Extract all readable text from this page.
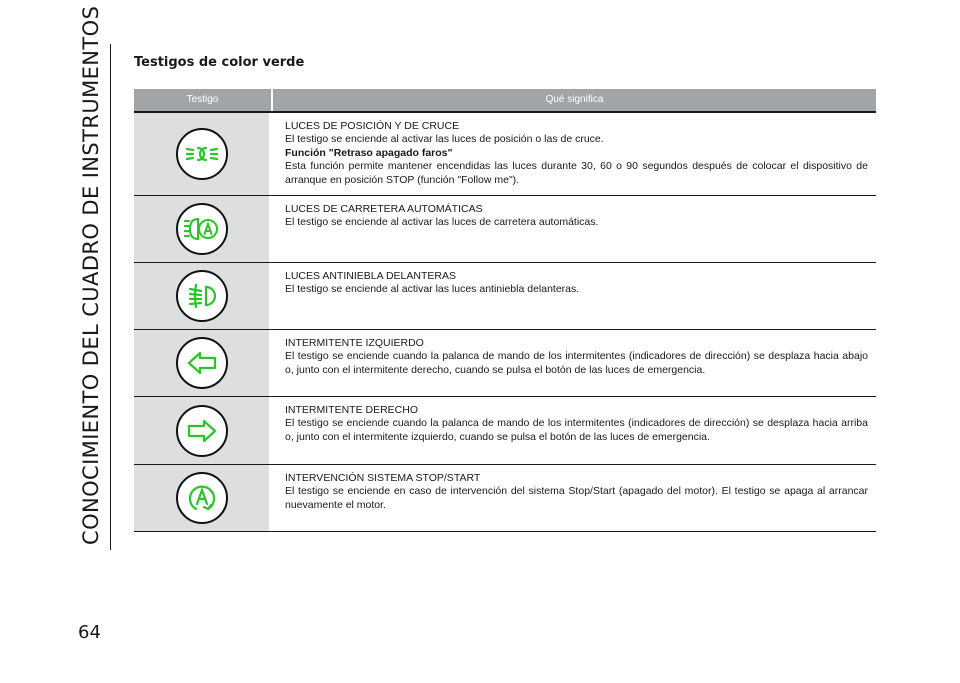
CONOCIMIENTO DEL CUADRO DE INSTRUMENTOS
64
Testigos de color verde
Testigo	Qué significa
LUCES DE POSICIÓN Y DE CRUCE

El testigo se enciende al activar las luces de posición o las de cruce.

Función "Retraso apagado faros"

Esta función permite mantener encendidas las luces durante 30, 60 o 90 segundos después de colocar el dispositivo de arranque en posición STOP (función "Follow me").

LUCES DE CARRETERA AUTOMÁTICAS

El testigo se enciende al activar las luces de carretera automáticas.

LUCES ANTINIEBLA DELANTERAS

El testigo se enciende al activar las luces antiniebla delanteras.

INTERMITENTE IZQUIERDO

El testigo se enciende cuando la palanca de mando de los intermitentes (indicadores de dirección) se desplaza hacia abajo o, junto con el intermitente derecho, cuando se pulsa el botón de las luces de emergencia.

INTERMITENTE DERECHO

El testigo se enciende cuando la palanca de mando de los intermitentes (indicadores de dirección) se desplaza hacia arriba o, junto con el intermitente izquierdo, cuando se pulsa el botón de las luces de emergencia.

INTERVENCIÓN SISTEMA STOP/START

El testigo se enciende en caso de intervención del sistema Stop/Start (apagado del motor). El testigo se apaga al arrancar nuevamente el motor.
